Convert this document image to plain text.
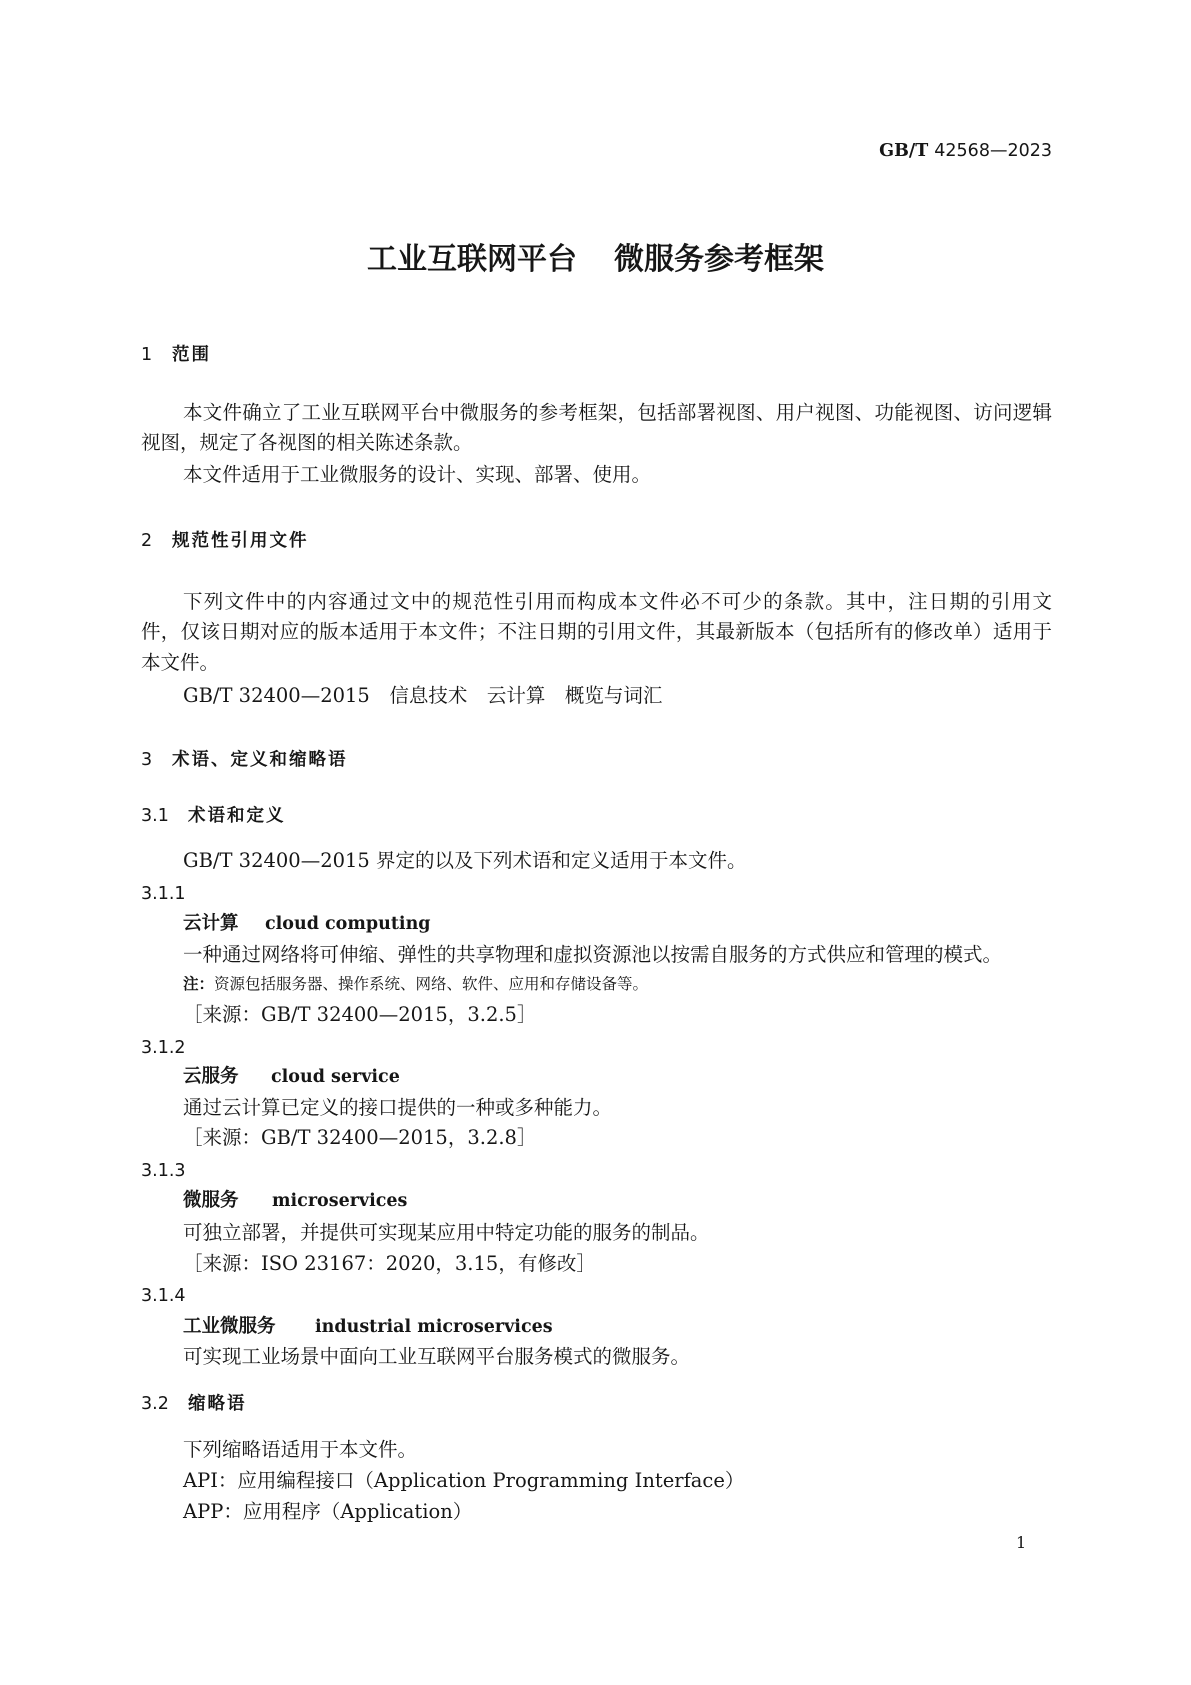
GB/T 42568—2023
工业互联网平台 微服务参考框架
1 范围
本文件确立了工业互联网平台中微服务的参考框架，包括部署视图、用户视图、功能视图、访问逻辑
视图，规定了各视图的相关陈述条款。
本文件适用于工业微服务的设计、实现、部署、使用。
2 规范性引用文件
下列文件中的内容通过文中的规范性引用而构成本文件必不可少的条款。其中，注日期的引用文
件，仅该日期对应的版本适用于本文件；不注日期的引用文件，其最新版本（包括所有的修改单）适用于
本文件。
GB/T 32400—2015　信息技术　云计算　概览与词汇
3 术语、定义和缩略语
3.1 术语和定义
GB/T 32400—2015 界定的以及下列术语和定义适用于本文件。
3.1.1
云计算 cloud computing
一种通过网络将可伸缩、弹性的共享物理和虚拟资源池以按需自服务的方式供应和管理的模式。
注：资源包括服务器、操作系统、网络、软件、应用和存储设备等。
［来源：GB/T 32400—2015，3.2.5］
3.1.2
云服务 cloud service
通过云计算已定义的接口提供的一种或多种能力。
［来源：GB/T 32400—2015，3.2.8］
3.1.3
微服务 microservices
可独立部署，并提供可实现某应用中特定功能的服务的制品。
［来源：ISO 23167：2020，3.15，有修改］
3.1.4
工业微服务 industrial microservices
可实现工业场景中面向工业互联网平台服务模式的微服务。
3.2 缩略语
下列缩略语适用于本文件。
API：应用编程接口（Application Programming Interface）
APP：应用程序（Application）
1
